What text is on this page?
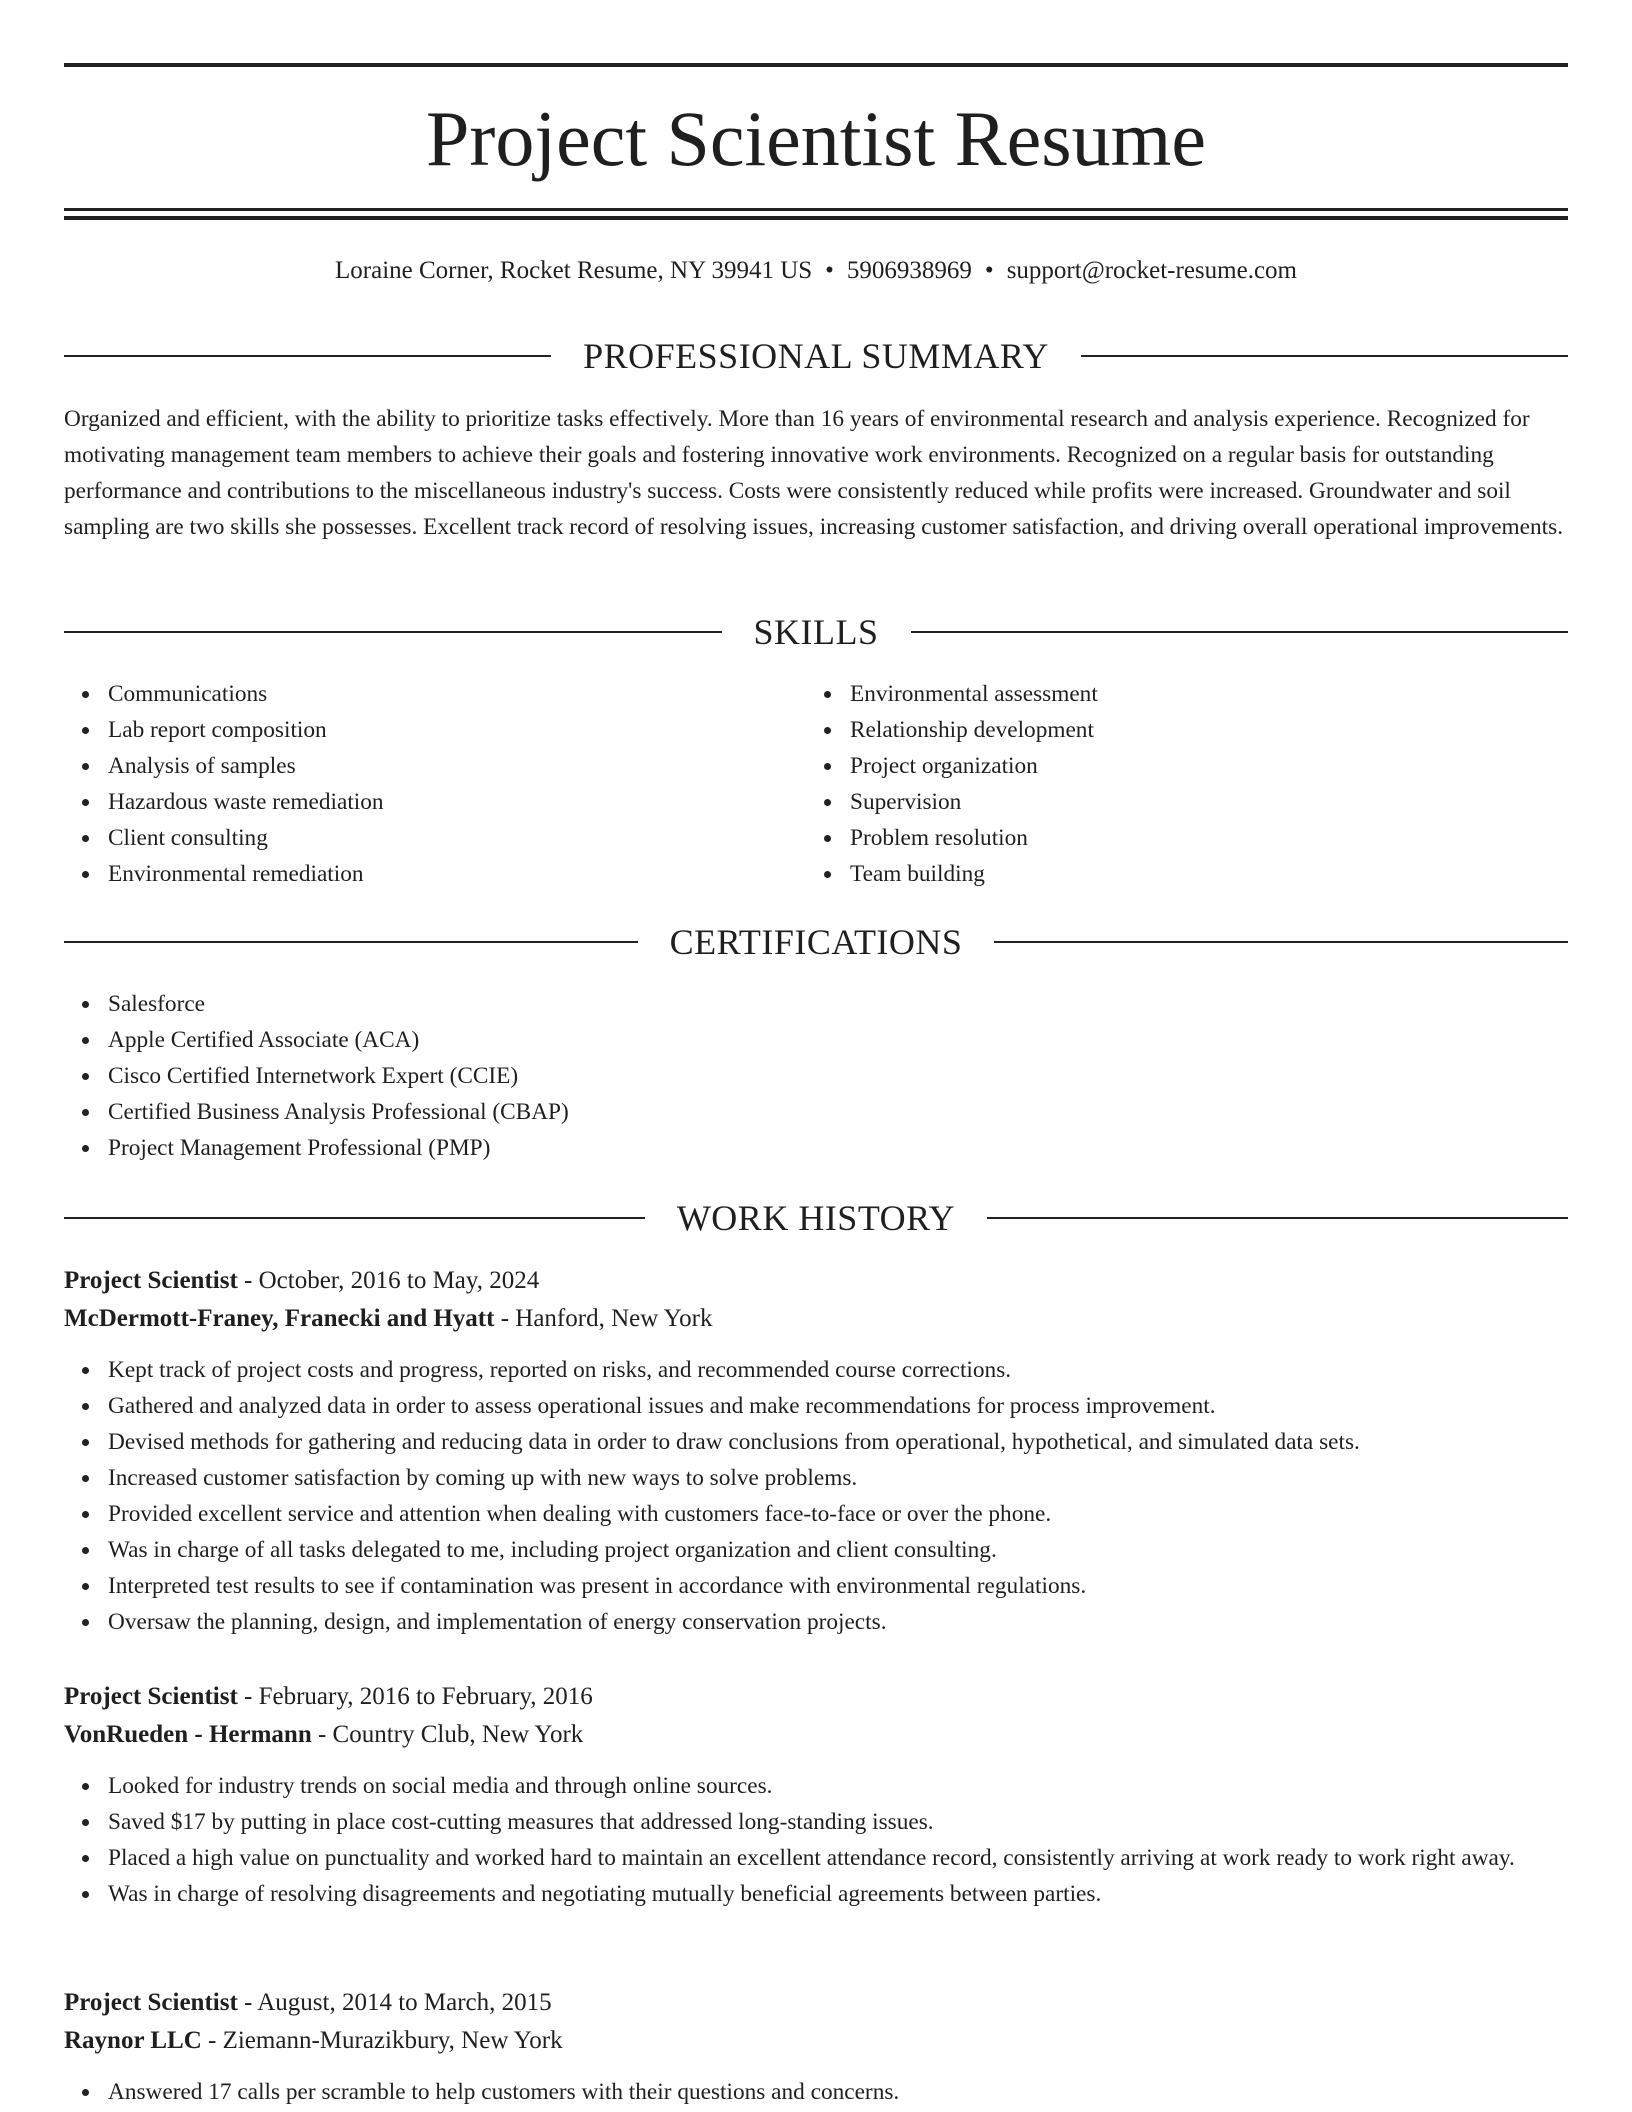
Project Scientist Resume
Loraine Corner, Rocket Resume, NY 39941 US • 5906938969 • support@rocket-resume.com
PROFESSIONAL SUMMARY

Organized and efficient, with the ability to prioritize tasks effectively. More than 16 years of environmental research and analysis experience. Recognized for motivating management team members to achieve their goals and fostering innovative work environments. Recognized on a regular basis for outstanding performance and contributions to the miscellaneous industry's success. Costs were consistently reduced while profits were increased. Groundwater and soil sampling are two skills she possesses. Excellent track record of resolving issues, increasing customer satisfaction, and driving overall operational improvements.

SKILLS
Communications
Lab report composition
Analysis of samples
Hazardous waste remediation
Client consulting
Environmental remediation
Environmental assessment
Relationship development
Project organization
Supervision
Problem resolution
Team building
CERTIFICATIONS
Salesforce
Apple Certified Associate (ACA)
Cisco Certified Internetwork Expert (CCIE)
Certified Business Analysis Professional (CBAP)
Project Management Professional (PMP)
WORK HISTORY
Project Scientist - October, 2016 to May, 2024
McDermott-Franey, Franecki and Hyatt - Hanford, New York
Kept track of project costs and progress, reported on risks, and recommended course corrections.
Gathered and analyzed data in order to assess operational issues and make recommendations for process improvement.
Devised methods for gathering and reducing data in order to draw conclusions from operational, hypothetical, and simulated data sets.
Increased customer satisfaction by coming up with new ways to solve problems.
Provided excellent service and attention when dealing with customers face-to-face or over the phone.
Was in charge of all tasks delegated to me, including project organization and client consulting.
Interpreted test results to see if contamination was present in accordance with environmental regulations.
Oversaw the planning, design, and implementation of energy conservation projects.
Project Scientist - February, 2016 to February, 2016
VonRueden - Hermann - Country Club, New York
Looked for industry trends on social media and through online sources.
Saved $17 by putting in place cost-cutting measures that addressed long-standing issues.
Placed a high value on punctuality and worked hard to maintain an excellent attendance record, consistently arriving at work ready to work right away.
Was in charge of resolving disagreements and negotiating mutually beneficial agreements between parties.
Project Scientist - August, 2014 to March, 2015
Raynor LLC - Ziemann-Murazikbury, New York
Answered 17 calls per scramble to help customers with their questions and concerns.
